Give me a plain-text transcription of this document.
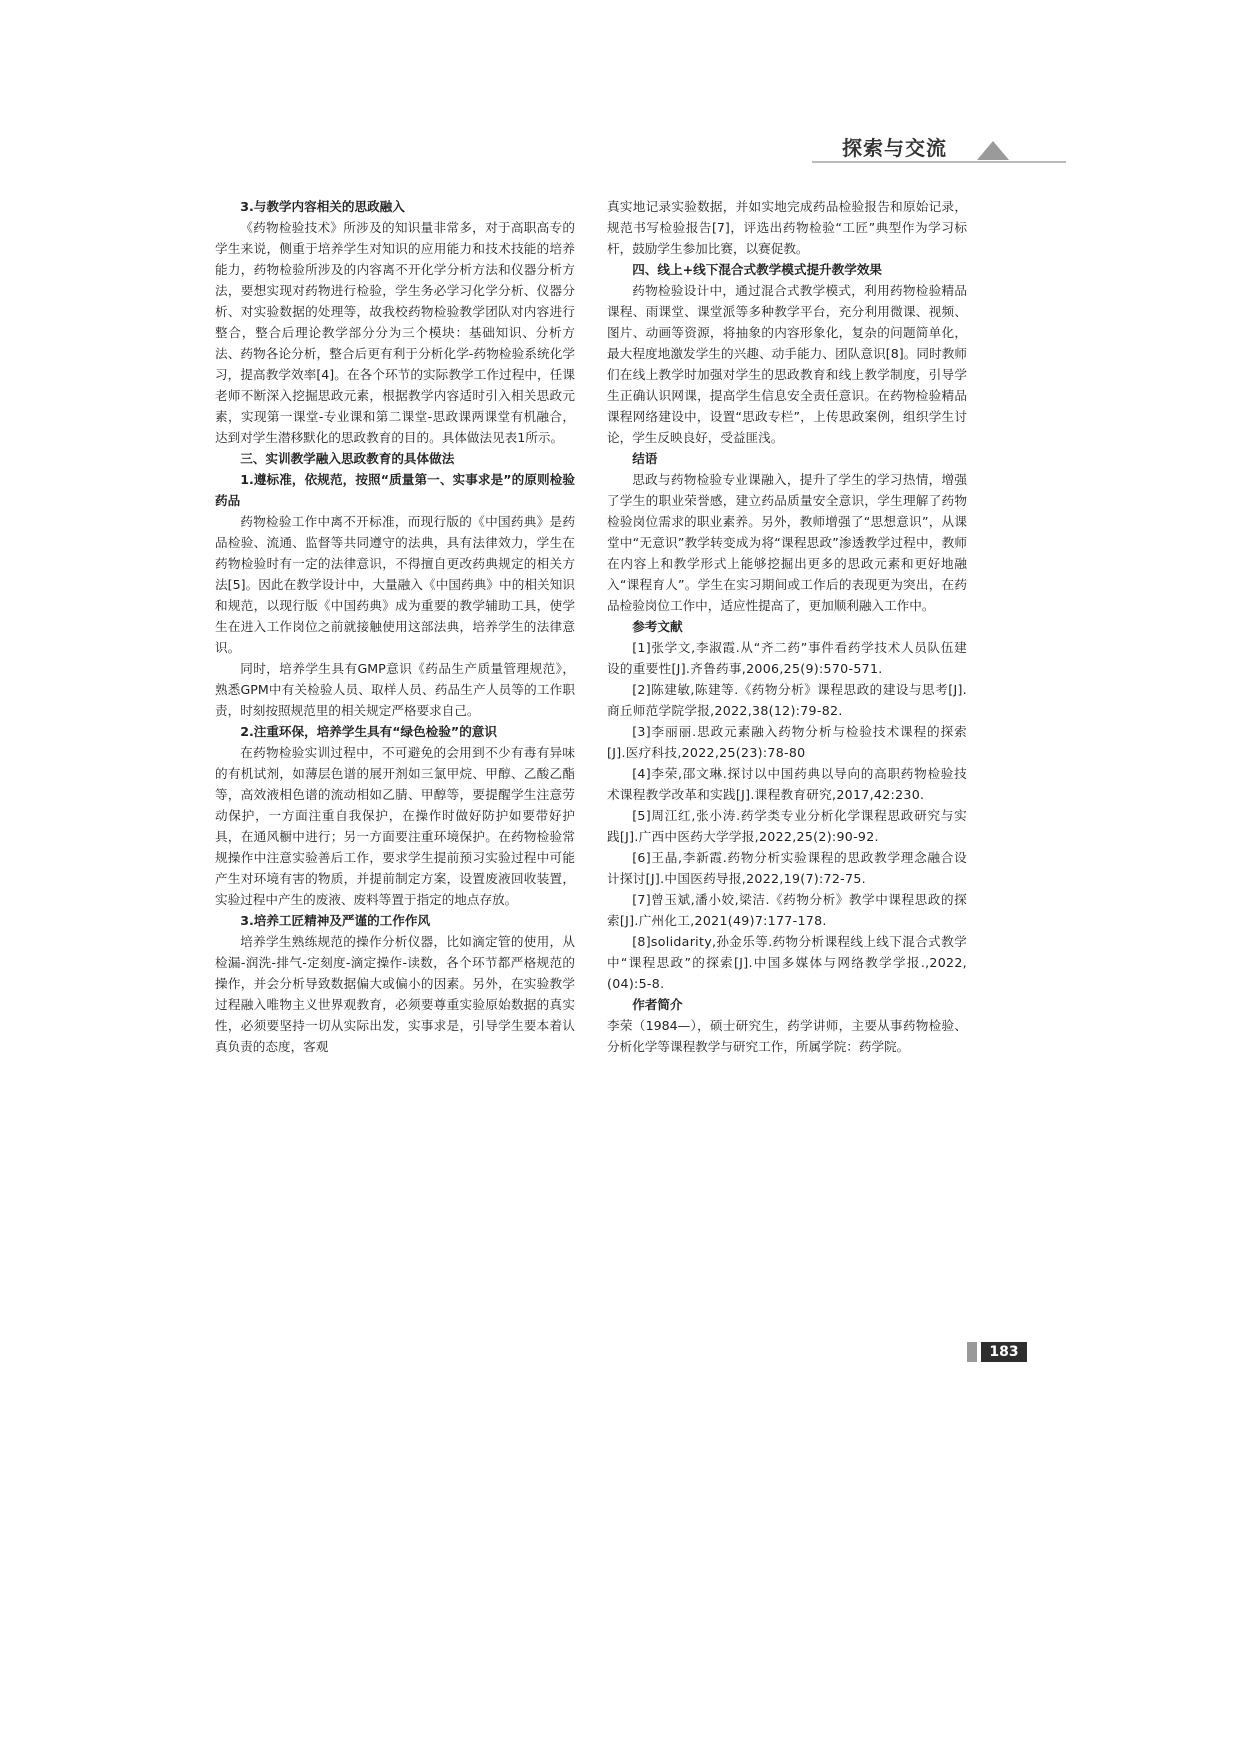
探索与交流

3.与教学内容相关的思政融入

《药物检验技术》所涉及的知识量非常多，对于高职高专的学生来说，侧重于培养学生对知识的应用能力和技术技能的培养能力，药物检验所涉及的内容离不开化学分析方法和仪器分析方法，要想实现对药物进行检验，学生务必学习化学分析、仪器分析、对实验数据的处理等，故我校药物检验教学团队对内容进行整合，整合后理论教学部分分为三个模块：基础知识、分析方法、药物各论分析，整合后更有利于分析化学-药物检验系统化学习，提高教学效率[4]。在各个环节的实际教学工作过程中，任课老师不断深入挖掘思政元素，根据教学内容适时引入相关思政元素，实现第一课堂-专业课和第二课堂-思政课两课堂有机融合，达到对学生潜移默化的思政教育的目的。具体做法见表1所示。

三、实训教学融入思政教育的具体做法

1.遵标准，依规范，按照“质量第一、实事求是”的原则检验药品

药物检验工作中离不开标准，而现行版的《中国药典》是药品检验、流通、监督等共同遵守的法典，具有法律效力，学生在药物检验时有一定的法律意识，不得擅自更改药典规定的相关方法[5]。因此在教学设计中，大量融入《中国药典》中的相关知识和规范，以现行版《中国药典》成为重要的教学辅助工具，使学生在进入工作岗位之前就接触使用这部法典，培养学生的法律意识。

同时，培养学生具有GMP意识《药品生产质量管理规范》，熟悉GPM中有关检验人员、取样人员、药品生产人员等的工作职责，时刻按照规范里的相关规定严格要求自己。

2.注重环保，培养学生具有“绿色检验”的意识

在药物检验实训过程中，不可避免的会用到不少有毒有异味的有机试剂，如薄层色谱的展开剂如三氯甲烷、甲醇、乙酸乙酯等，高效液相色谱的流动相如乙腈、甲醇等，要提醒学生注意劳动保护，一方面注重自我保护，在操作时做好防护如要带好护具，在通风橱中进行；另一方面要注重环境保护。在药物检验常规操作中注意实验善后工作，要求学生提前预习实验过程中可能产生对环境有害的物质，并提前制定方案，设置废液回收装置，实验过程中产生的废液、废料等置于指定的地点存放。

3.培养工匠精神及严谨的工作作风

培养学生熟练规范的操作分析仪器，比如滴定管的使用，从检漏-润洗-排气-定刻度-滴定操作-读数，各个环节都严格规范的操作，并会分析导致数据偏大或偏小的因素。另外，在实验教学过程融入唯物主义世界观教育，必须要尊重实验原始数据的真实性，必须要坚持一切从实际出发，实事求是，引导学生要本着认真负责的态度，客观

真实地记录实验数据，并如实地完成药品检验报告和原始记录，规范书写检验报告[7]，评选出药物检验“工匠”典型作为学习标杆，鼓励学生参加比赛，以赛促教。

四、线上+线下混合式教学模式提升教学效果

药物检验设计中，通过混合式教学模式，利用药物检验精品课程、雨课堂、课堂派等多种教学平台，充分利用微课、视频、图片、动画等资源，将抽象的内容形象化，复杂的问题简单化，最大程度地激发学生的兴趣、动手能力、团队意识[8]。同时教师们在线上教学时加强对学生的思政教育和线上教学制度，引导学生正确认识网课，提高学生信息安全责任意识。在药物检验精品课程网络建设中，设置“思政专栏”，上传思政案例，组织学生讨论，学生反映良好，受益匪浅。

结语

思政与药物检验专业课融入，提升了学生的学习热情，增强了学生的职业荣誉感，建立药品质量安全意识，学生理解了药物检验岗位需求的职业素养。另外，教师增强了“思想意识”，从课堂中“无意识”教学转变成为将“课程思政”渗透教学过程中，教师在内容上和教学形式上能够挖掘出更多的思政元素和更好地融入“课程育人”。学生在实习期间或工作后的表现更为突出，在药品检验岗位工作中，适应性提高了，更加顺利融入工作中。

参考文献

[1]张学文,李淑霞.从“齐二药”事件看药学技术人员队伍建设的重要性[J].齐鲁药事,2006,25(9):570-571.

[2]陈建敏,陈建等.《药物分析》课程思政的建设与思考[J].商丘师范学院学报,2022,38(12):79-82.

[3]李丽丽.思政元素融入药物分析与检验技术课程的探索[J].医疗科技,2022,25(23):78-80

[4]李荣,邵文琳.探讨以中国药典以导向的高职药物检验技术课程教学改革和实践[J].课程教育研究,2017,42:230.

[5]周江红,张小涛.药学类专业分析化学课程思政研究与实践[J].广西中医药大学学报,2022,25(2):90-92.

[6]王晶,李新霞.药物分析实验课程的思政教学理念融合设计探讨[J].中国医药导报,2022,19(7):72-75.

[7]曾玉斌,潘小姣,梁洁.《药物分析》教学中课程思政的探索[J].广州化工,2021(49)7:177-178.

[8]solidarity,孙金乐等.药物分析课程线上线下混合式教学中“课程思政”的探索[J].中国多媒体与网络教学学报.,2022,(04):5-8.

作者简介

李荣（1984—），硕士研究生，药学讲师，主要从事药物检验、分析化学等课程教学与研究工作，所属学院：药学院。

183
